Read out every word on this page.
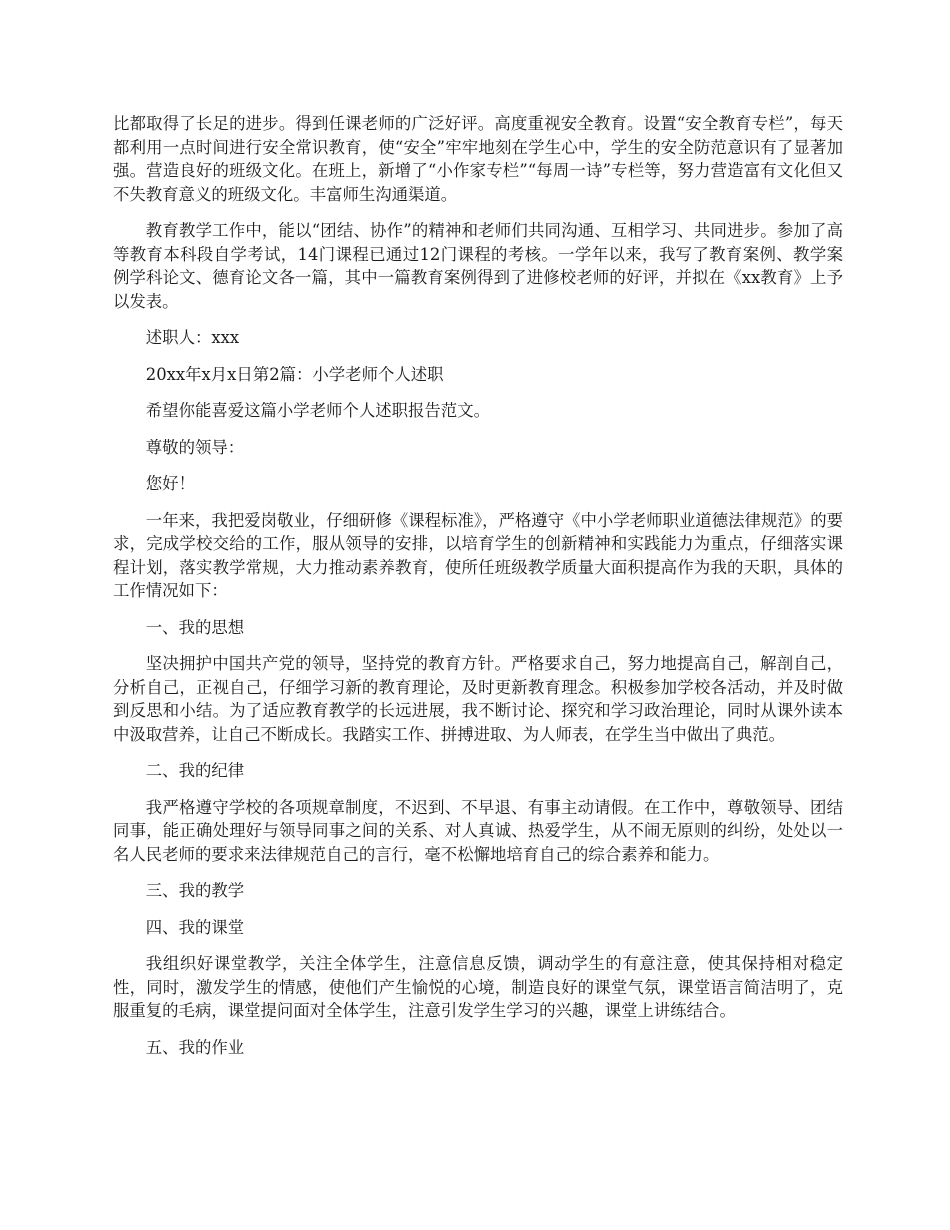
比都取得了长足的进步。得到任课老师的广泛好评。高度重视安全教育。设置“安全教育专栏”，每天都利用一点时间进行安全常识教育，使“安全”牢牢地刻在学生心中，学生的安全防范意识有了显著加强。营造良好的班级文化。在班上，新增了“小作家专栏”“每周一诗”专栏等，努力营造富有文化但又不失教育意义的班级文化。丰富师生沟通渠道。

教育教学工作中，能以“团结、协作”的精神和老师们共同沟通、互相学习、共同进步。参加了高等教育本科段自学考试，14门课程已通过12门课程的考核。一学年以来，我写了教育案例、教学案例学科论文、德育论文各一篇，其中一篇教育案例得到了进修校老师的好评，并拟在《xx教育》上予以发表。

述职人：xxx

20xx年x月x日第2篇：小学老师个人述职

希望你能喜爱这篇小学老师个人述职报告范文。

尊敬的领导：

您好！

一年来，我把爱岗敬业，仔细研修《课程标准》，严格遵守《中小学老师职业道德法律规范》的要求，完成学校交给的工作，服从领导的安排，以培育学生的创新精神和实践能力为重点，仔细落实课程计划，落实教学常规，大力推动素养教育，使所任班级教学质量大面积提高作为我的天职，具体的工作情况如下：

一、我的思想

坚决拥护中国共产党的领导，坚持党的教育方针。严格要求自己，努力地提高自己，解剖自己，分析自己，正视自己，仔细学习新的教育理论，及时更新教育理念。积极参加学校各活动，并及时做到反思和小结。为了适应教育教学的长远进展，我不断讨论、探究和学习政治理论，同时从课外读本中汲取营养，让自己不断成长。我踏实工作、拼搏进取、为人师表，在学生当中做出了典范。

二、我的纪律

我严格遵守学校的各项规章制度，不迟到、不早退、有事主动请假。在工作中，尊敬领导、团结同事，能正确处理好与领导同事之间的关系、对人真诚、热爱学生，从不闹无原则的纠纷，处处以一名人民老师的要求来法律规范自己的言行，毫不松懈地培育自己的综合素养和能力。

三、我的教学

四、我的课堂

我组织好课堂教学，关注全体学生，注意信息反馈，调动学生的有意注意，使其保持相对稳定性，同时，激发学生的情感，使他们产生愉悦的心境，制造良好的课堂气氛，课堂语言简洁明了，克服重复的毛病，课堂提问面对全体学生，注意引发学生学习的兴趣，课堂上讲练结合。

五、我的作业
